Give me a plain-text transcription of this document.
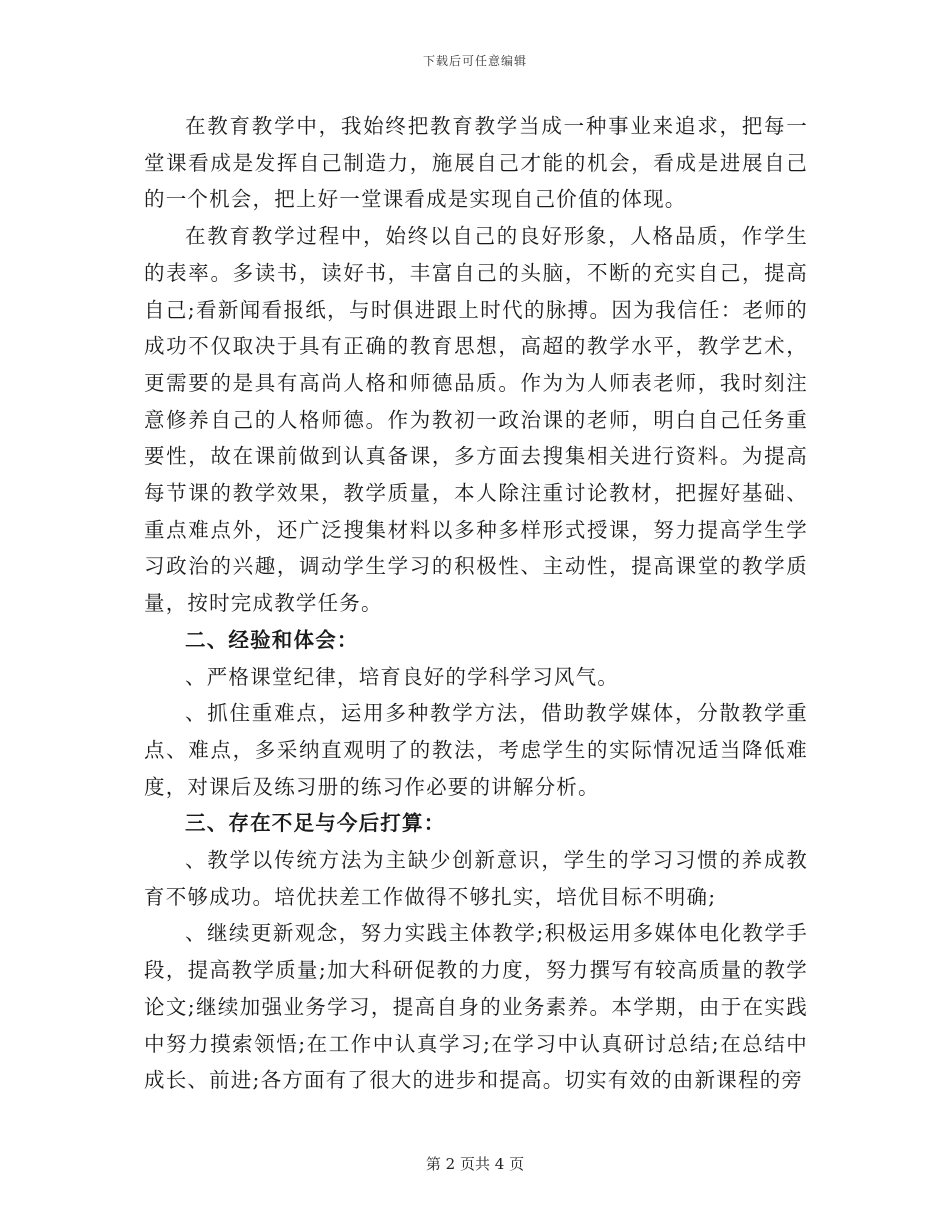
下载后可任意编辑

在教育教学中，我始终把教育教学当成一种事业来追求，把每一堂课看成是发挥自己制造力，施展自己才能的机会，看成是进展自己的一个机会，把上好一堂课看成是实现自己价值的体现。

在教育教学过程中，始终以自己的良好形象，人格品质，作学生的表率。多读书，读好书，丰富自己的头脑，不断的充实自己，提高自己;看新闻看报纸，与时俱进跟上时代的脉搏。因为我信任：老师的成功不仅取决于具有正确的教育思想，高超的教学水平，教学艺术，更需要的是具有高尚人格和师德品质。作为为人师表老师，我时刻注意修养自己的人格师德。作为教初一政治课的老师，明白自己任务重要性，故在课前做到认真备课，多方面去搜集相关进行资料。为提高每节课的教学效果，教学质量，本人除注重讨论教材，把握好基础、重点难点外，还广泛搜集材料以多种多样形式授课，努力提高学生学习政治的兴趣，调动学生学习的积极性、主动性，提高课堂的教学质量，按时完成教学任务。

二、经验和体会：

、严格课堂纪律，培育良好的学科学习风气。

、抓住重难点，运用多种教学方法，借助教学媒体，分散教学重点、难点，多采纳直观明了的教法，考虑学生的实际情况适当降低难度，对课后及练习册的练习作必要的讲解分析。

三、存在不足与今后打算：

、教学以传统方法为主缺少创新意识，学生的学习习惯的养成教育不够成功。培优扶差工作做得不够扎实，培优目标不明确;

、继续更新观念，努力实践主体教学;积极运用多媒体电化教学手段，提高教学质量;加大科研促教的力度，努力撰写有较高质量的教学论文;继续加强业务学习，提高自身的业务素养。本学期，由于在实践中努力摸索领悟;在工作中认真学习;在学习中认真研讨总结;在总结中成长、前进;各方面有了很大的进步和提高。切实有效的由新课程的旁

第 2 页共 4 页
